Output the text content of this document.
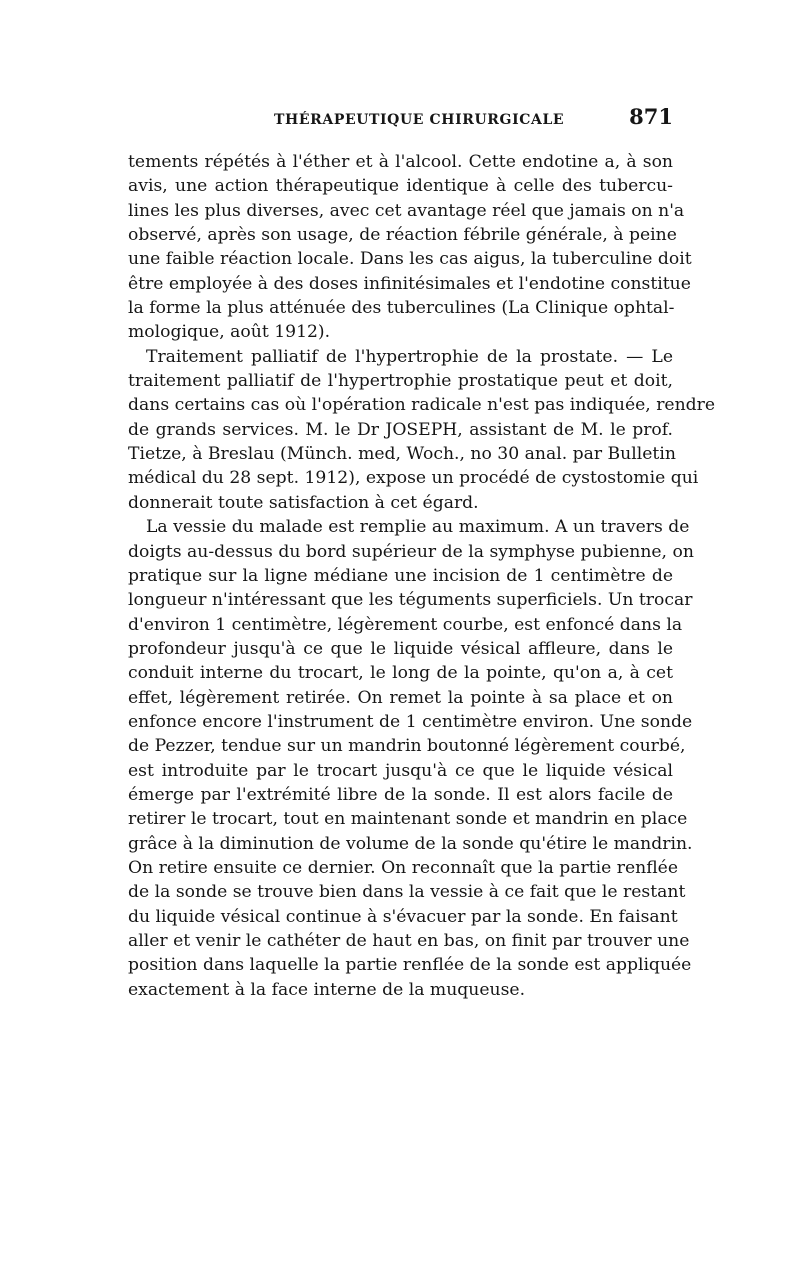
THÉRAPEUTIQUE CHIRURGICALE	871
tements répétés à l'éther et à l'alcool. Cette endotine a, à son
avis, une action thérapeutique identique à celle des tubercu-
lines les plus diverses, avec cet avantage réel que jamais on n'a
observé, après son usage, de réaction fébrile générale, à peine
une faible réaction locale. Dans les cas aigus, la tuberculine doit
être employée à des doses infinitésimales et l'endotine constitue
la forme la plus atténuée des tuberculines (La Clinique ophtal-
mologique, août 1912).
Traitement palliatif de l'hypertrophie de la prostate. — Le
traitement palliatif de l'hypertrophie prostatique peut et doit,
dans certains cas où l'opération radicale n'est pas indiquée, rendre
de grands services. M. le Dr JOSEPH, assistant de M. le prof.
Tietze, à Breslau (Münch. med, Woch., no 30 anal. par Bulletin
médical du 28 sept. 1912), expose un procédé de cystostomie qui
donnerait toute satisfaction à cet égard.
La vessie du malade est remplie au maximum. A un travers de
doigts au-dessus du bord supérieur de la symphyse pubienne, on
pratique sur la ligne médiane une incision de 1 centimètre de
longueur n'intéressant que les téguments superficiels. Un trocar
d'environ 1 centimètre, légèrement courbe, est enfoncé dans la
profondeur jusqu'à ce que le liquide vésical affleure, dans le
conduit interne du trocart, le long de la pointe, qu'on a, à cet
effet, légèrement retirée. On remet la pointe à sa place et on
enfonce encore l'instrument de 1 centimètre environ. Une sonde
de Pezzer, tendue sur un mandrin boutonné légèrement courbé,
est introduite par le trocart jusqu'à ce que le liquide vésical
émerge par l'extrémité libre de la sonde. Il est alors facile de
retirer le trocart, tout en maintenant sonde et mandrin en place
grâce à la diminution de volume de la sonde qu'étire le mandrin.
On retire ensuite ce dernier. On reconnaît que la partie renflée
de la sonde se trouve bien dans la vessie à ce fait que le restant
du liquide vésical continue à s'évacuer par la sonde. En faisant
aller et venir le cathéter de haut en bas, on finit par trouver une
position dans laquelle la partie renflée de la sonde est appliquée
exactement à la face interne de la muqueuse.
